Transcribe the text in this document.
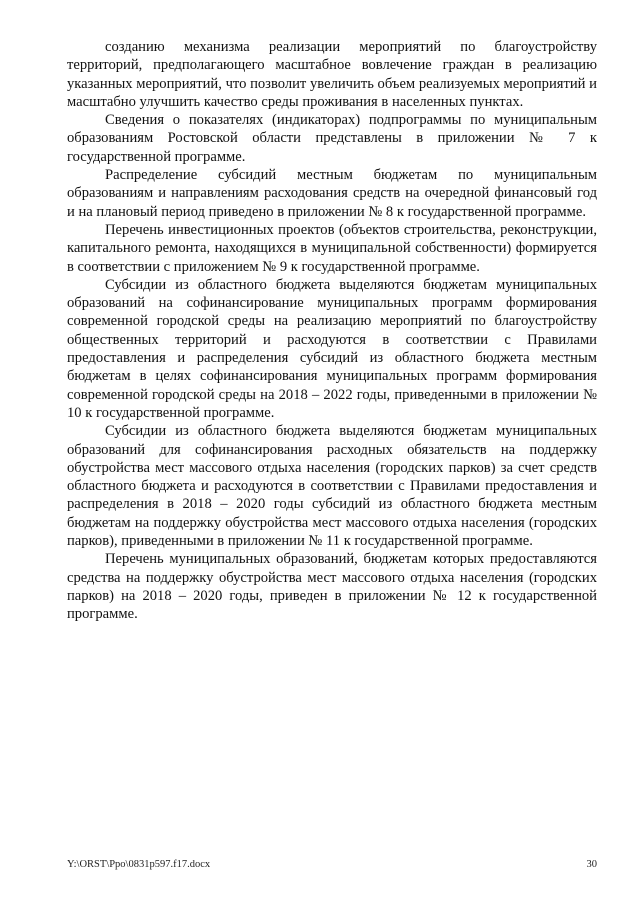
созданию механизма реализации мероприятий по благоустройству территорий, предполагающего масштабное вовлечение граждан в реализацию указанных мероприятий, что позволит увеличить объем реализуемых мероприятий и масштабно улучшить качество среды проживания в населенных пунктах.

Сведения о показателях (индикаторах) подпрограммы по муниципальным образованиям Ростовской области представлены в приложении № 7 к государственной программе.

Распределение субсидий местным бюджетам по муниципальным образованиям и направлениям расходования средств на очередной финансовый год и на плановый период приведено в приложении № 8 к государственной программе.

Перечень инвестиционных проектов (объектов строительства, реконструкции, капитального ремонта, находящихся в муниципальной собственности) формируется в соответствии с приложением № 9 к государственной программе.

Субсидии из областного бюджета выделяются бюджетам муниципальных образований на софинансирование муниципальных программ формирования современной городской среды на реализацию мероприятий по благоустройству общественных территорий и расходуются в соответствии с Правилами предоставления и распределения субсидий из областного бюджета местным бюджетам в целях софинансирования муниципальных программ формирования современной городской среды на 2018 – 2022 годы, приведенными в приложении № 10 к государственной программе.

Субсидии из областного бюджета выделяются бюджетам муниципальных образований для софинансирования расходных обязательств на поддержку обустройства мест массового отдыха населения (городских парков) за счет средств областного бюджета и расходуются в соответствии с Правилами предоставления и распределения в 2018 – 2020 годы субсидий из областного бюджета местным бюджетам на поддержку обустройства мест массового отдыха населения (городских парков), приведенными в приложении № 11 к государственной программе.

Перечень муниципальных образований, бюджетам которых предоставляются средства на поддержку обустройства мест массового отдыха населения (городских парков) на 2018 – 2020 годы, приведен в приложении № 12 к государственной программе.

Y:\ORST\Ppo\0831p597.f17.docx	30
